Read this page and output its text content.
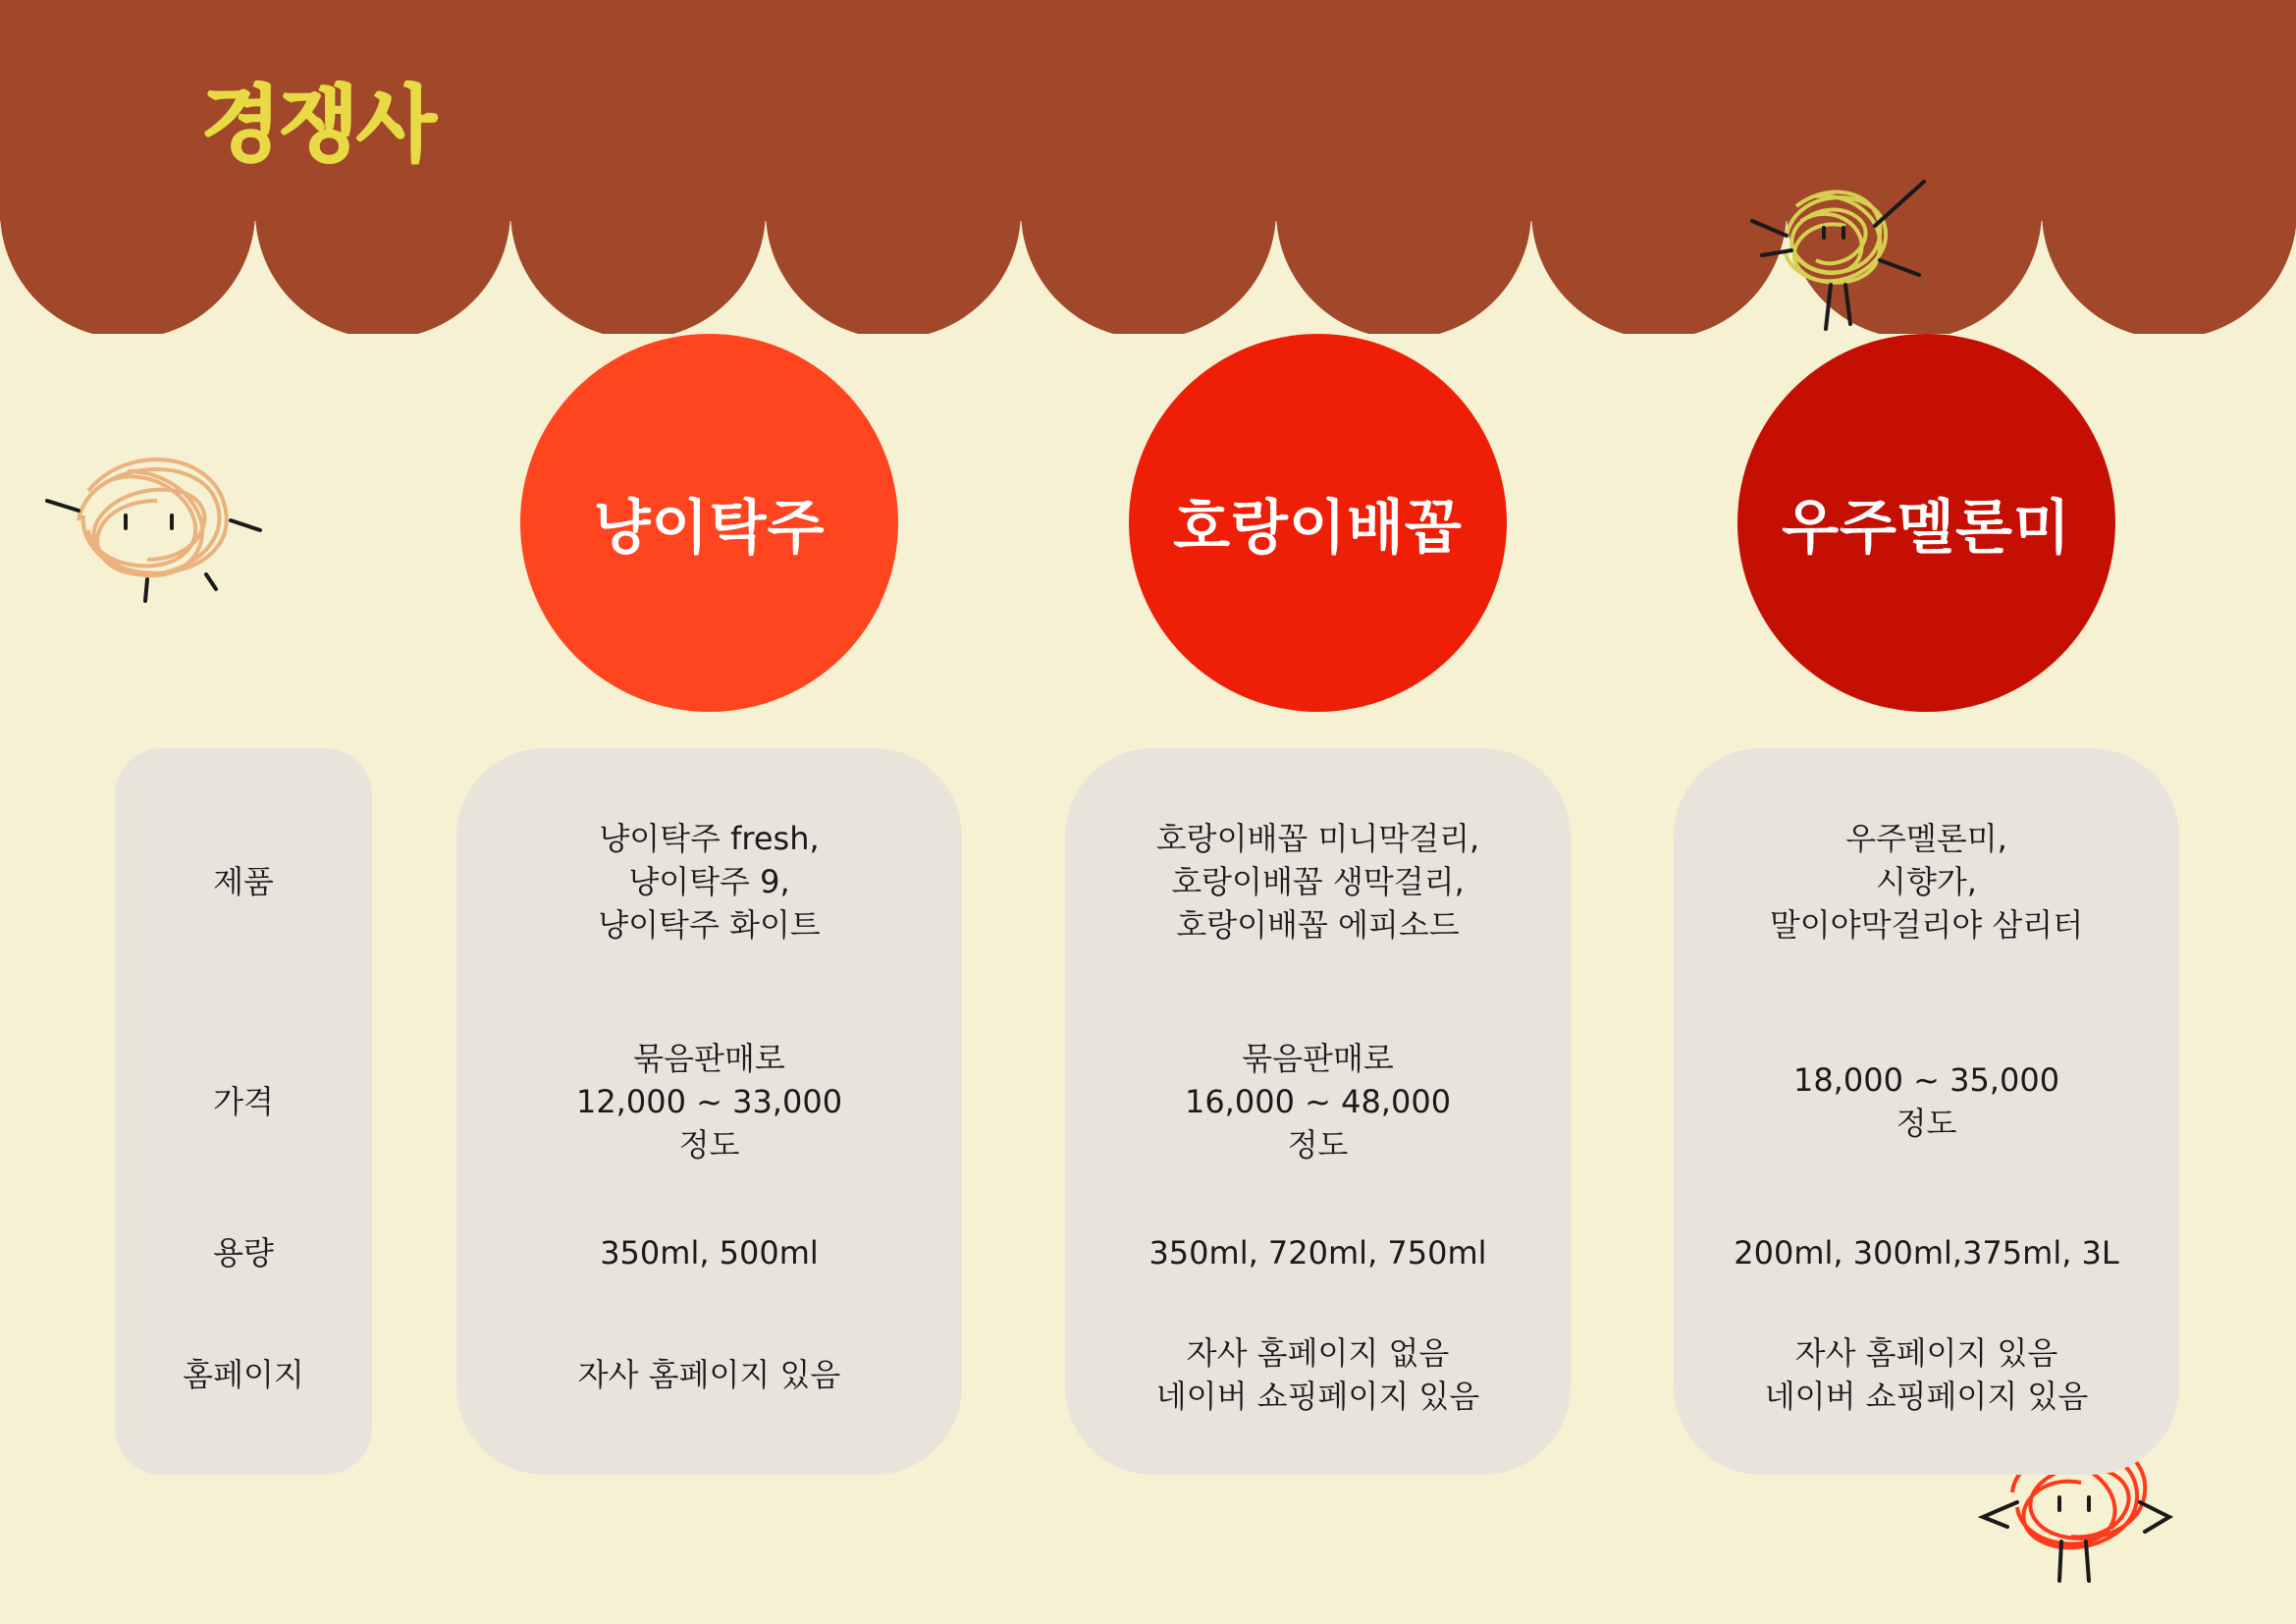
경쟁사
냥이탁주	호랑이배꼽	우주멜론미
제품
가격
용량
홈페이지
냥이탁주 fresh,
냥이탁주 9,
냥이탁주 화이트
묶음판매로
12,000 ~ 33,000
정도
350ml, 500ml
자사 홈페이지 있음
호랑이배꼽 미니막걸리,
호랑이배꼽 생막걸리,
호랑이배꼽 에피소드
묶음판매로
16,000 ~ 48,000
정도
350ml, 720ml, 750ml
자사 홈페이지 없음
네이버 쇼핑페이지 있음
우주멜론미,
시향가,
말이야막걸리야 삼리터
18,000 ~ 35,000
정도
200ml, 300ml,375ml, 3L
자사 홈페이지 있음
네이버 쇼핑페이지 있음
